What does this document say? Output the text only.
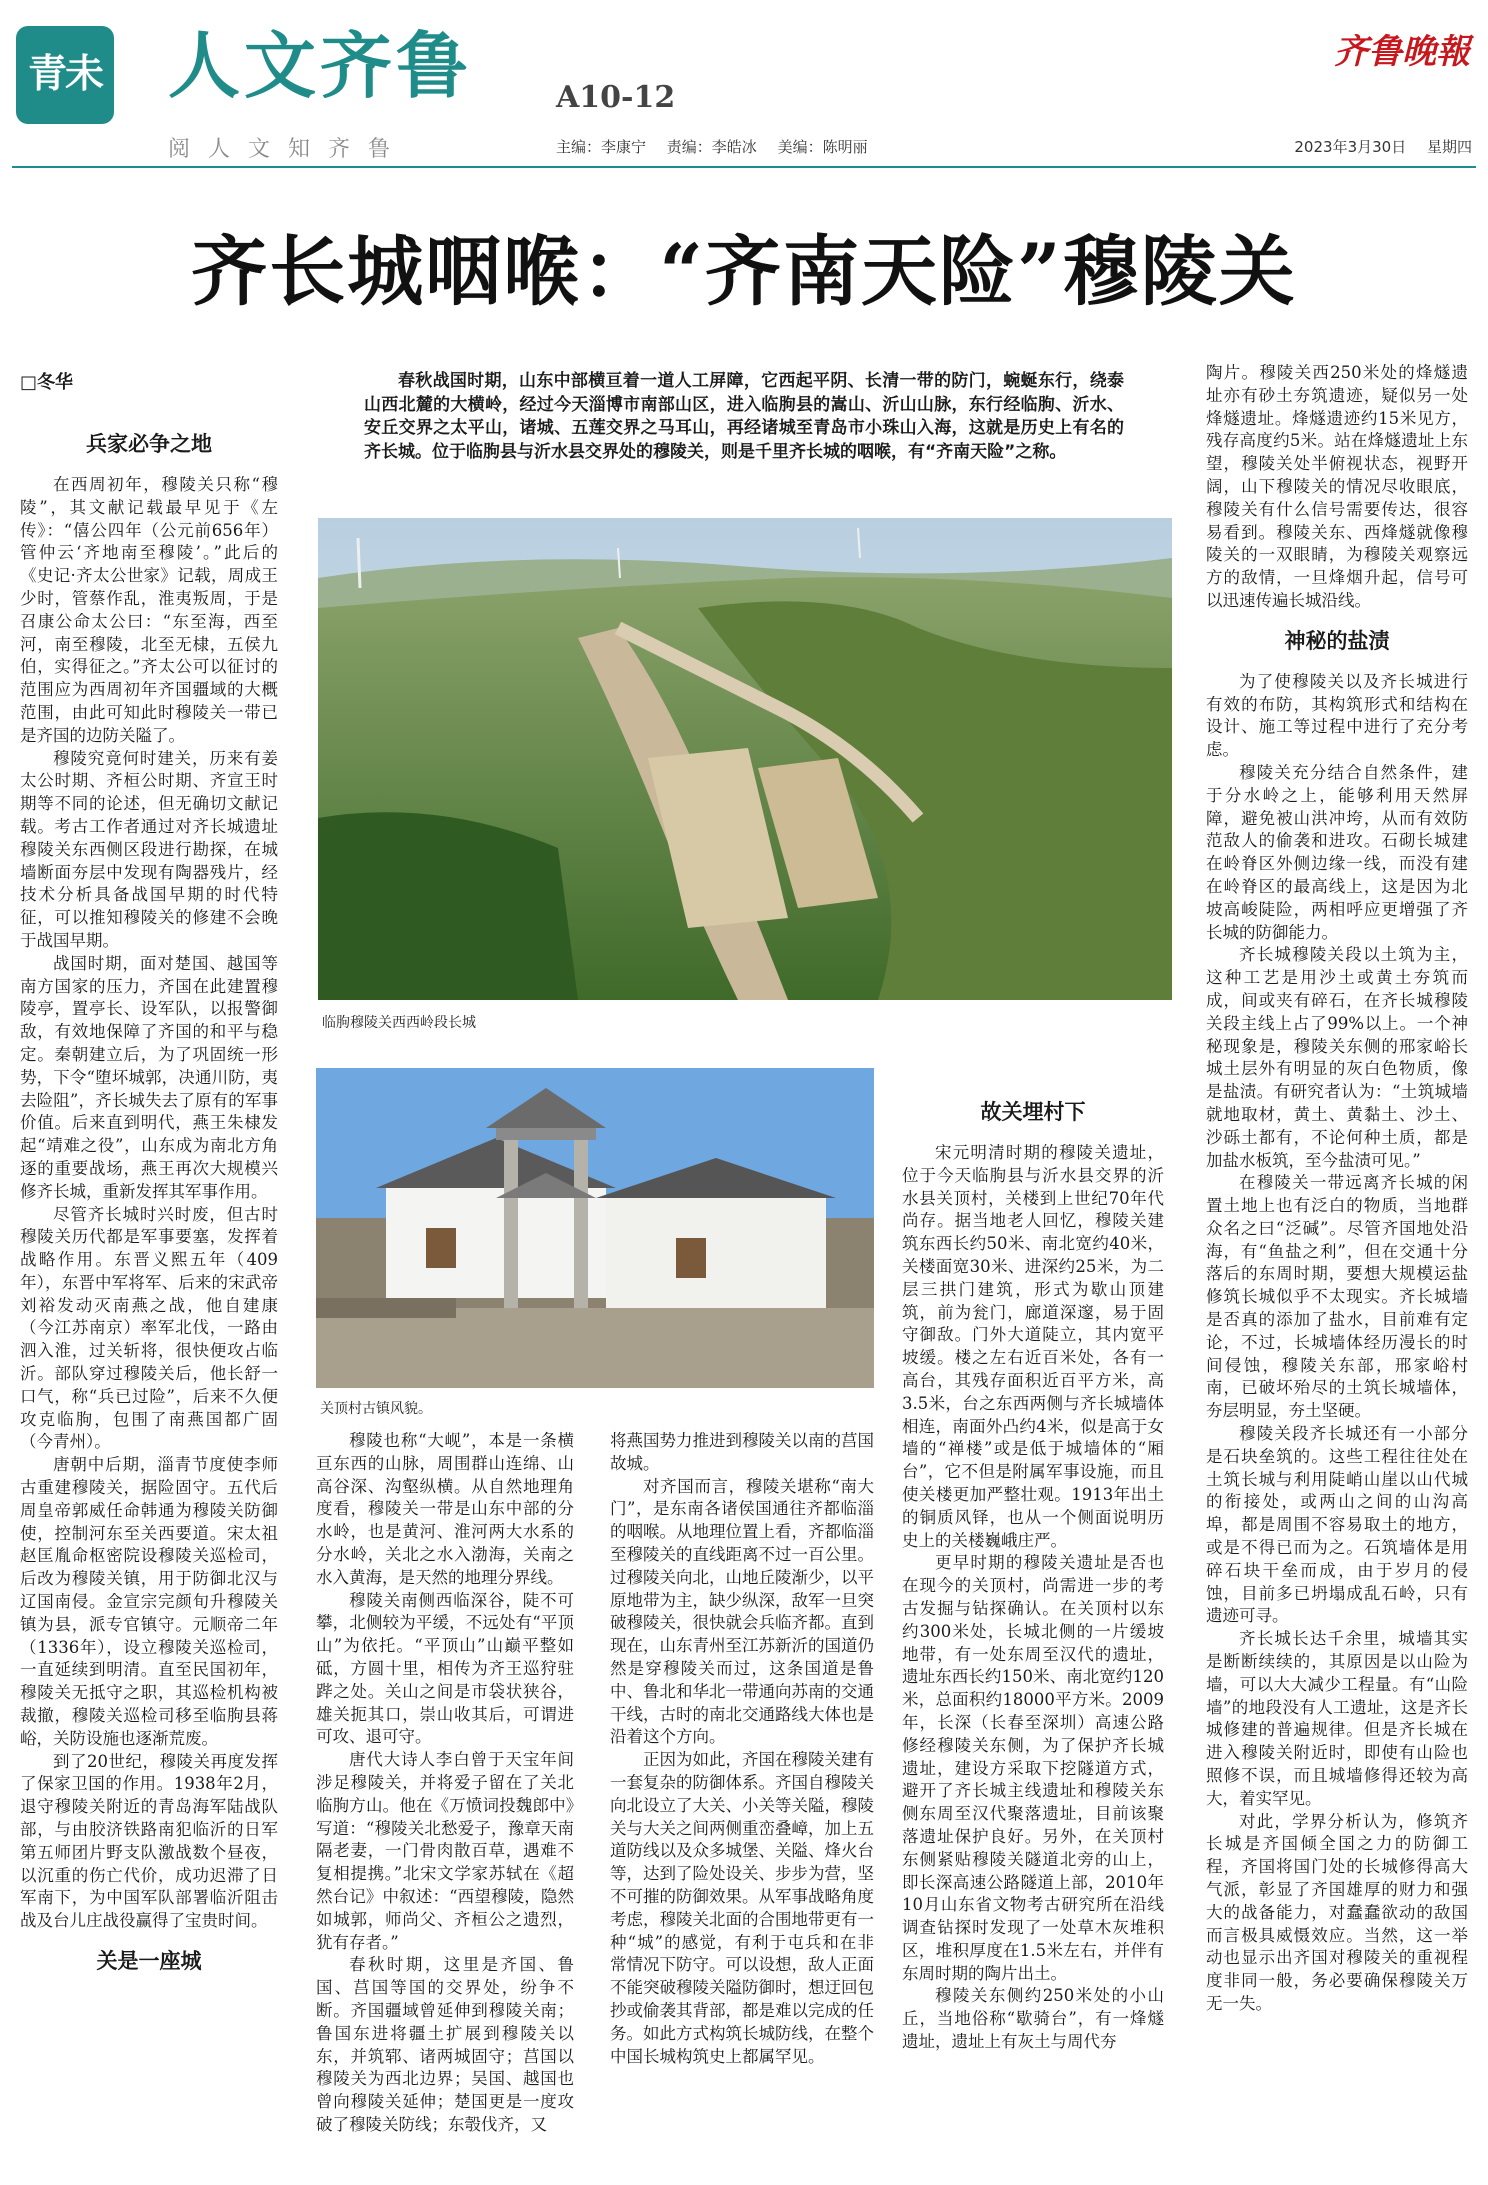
青未了
人文齐鲁	A10-12
阅人文知齐鲁	主编：李康宁 责编：李皓冰 美编：陈明丽
齐鲁晚報
2023年3月30日 星期四
齐长城咽喉：“齐南天险”穆陵关
□冬华
兵家必争之地

在西周初年，穆陵关只称“穆陵”，其文献记载最早见于《左传》：“僖公四年（公元前656年）管仲云‘齐地南至穆陵’。”此后的《史记·齐太公世家》记载，周成王少时，管蔡作乱，淮夷叛周，于是召康公命太公曰：“东至海，西至河，南至穆陵，北至无棣，五侯九伯，实得征之。”齐太公可以征讨的范围应为西周初年齐国疆域的大概范围，由此可知此时穆陵关一带已是齐国的边防关隘了。

穆陵究竟何时建关，历来有姜太公时期、齐桓公时期、齐宣王时期等不同的论述，但无确切文献记载。考古工作者通过对齐长城遗址穆陵关东西侧区段进行勘探，在城墙断面夯层中发现有陶器残片，经技术分析具备战国早期的时代特征，可以推知穆陵关的修建不会晚于战国早期。

战国时期，面对楚国、越国等南方国家的压力，齐国在此建置穆陵亭，置亭长、设军队，以报警御敌，有效地保障了齐国的和平与稳定。秦朝建立后，为了巩固统一形势，下令“堕坏城郭，决通川防，夷去险阻”，齐长城失去了原有的军事价值。后来直到明代，燕王朱棣发起“靖难之役”，山东成为南北方角逐的重要战场，燕王再次大规模兴修齐长城，重新发挥其军事作用。

尽管齐长城时兴时废，但古时穆陵关历代都是军事要塞，发挥着战略作用。东晋义熙五年（409年），东晋中军将军、后来的宋武帝刘裕发动灭南燕之战，他自建康（今江苏南京）率军北伐，一路由泗入淮，过关斩将，很快便攻占临沂。部队穿过穆陵关后，他长舒一口气，称“兵已过险”，后来不久便攻克临朐，包围了南燕国都广固（今青州）。

唐朝中后期，淄青节度使李师古重建穆陵关，据险固守。五代后周皇帝郭威任命韩通为穆陵关防御使，控制河东至关西要道。宋太祖赵匡胤命枢密院设穆陵关巡检司，后改为穆陵关镇，用于防御北汉与辽国南侵。金宣宗完颜旬升穆陵关镇为县，派专官镇守。元顺帝二年（1336年），设立穆陵关巡检司，一直延续到明清。直至民国初年，穆陵关无抵守之职，其巡检机构被裁撤，穆陵关巡检司移至临朐县蒋峪，关防设施也逐渐荒废。

到了20世纪，穆陵关再度发挥了保家卫国的作用。1938年2月，退守穆陵关附近的青岛海军陆战队部，与由胶济铁路南犯临沂的日军第五师团片野支队激战数个昼夜，以沉重的伤亡代价，成功迟滞了日军南下，为中国军队部署临沂阻击战及台儿庄战役赢得了宝贵时间。

关是一座城
春秋战国时期，山东中部横亘着一道人工屏障，它西起平阴、长清一带的防门，蜿蜒东行，绕泰山西北麓的大横岭，经过今天淄博市南部山区，进入临朐县的嵩山、沂山山脉，东行经临朐、沂水、安丘交界之太平山，诸城、五莲交界之马耳山，再经诸城至青岛市小珠山入海，这就是历史上有名的齐长城。位于临朐县与沂水县交界处的穆陵关，则是千里齐长城的咽喉，有“齐南天险”之称。
临朐穆陵关西西岭段长城
关顶村古镇风貌。

穆陵也称“大岘”，本是一条横亘东西的山脉，周围群山连绵、山高谷深、沟壑纵横。从自然地理角度看，穆陵关一带是山东中部的分水岭，也是黄河、淮河两大水系的分水岭，关北之水入渤海，关南之水入黄海，是天然的地理分界线。

穆陵关南侧西临深谷，陡不可攀，北侧较为平缓，不远处有“平顶山”为依托。“平顶山”山巅平整如砥，方圆十里，相传为齐王巡狩驻跸之处。关山之间是市袋状狭谷，雄关扼其口，崇山收其后，可谓进可攻、退可守。

唐代大诗人李白曾于天宝年间涉足穆陵关，并将爱子留在了关北临朐方山。他在《万愤词投魏郎中》写道：“穆陵关北愁爱子，豫章天南隔老妻，一门骨肉散百草，遇难不复相提携。”北宋文学家苏轼在《超然台记》中叙述：“西望穆陵，隐然如城郭，师尚父、齐桓公之遗烈，犹有存者。”

春秋时期，这里是齐国、鲁国、莒国等国的交界处，纷争不断。齐国疆域曾延伸到穆陵关南；鲁国东进将疆土扩展到穆陵关以东，并筑郓、诸两城固守；莒国以穆陵关为西北边界；吴国、越国也曾向穆陵关延伸；楚国更是一度攻破了穆陵关防线；东彀伐齐，又

将燕国势力推进到穆陵关以南的莒国故城。

对齐国而言，穆陵关堪称“南大门”，是东南各诸侯国通往齐都临淄的咽喉。从地理位置上看，齐都临淄至穆陵关的直线距离不过一百公里。过穆陵关向北，山地丘陵渐少，以平原地带为主，缺少纵深，敌军一旦突破穆陵关，很快就会兵临齐都。直到现在，山东青州至江苏新沂的国道仍然是穿穆陵关而过，这条国道是鲁中、鲁北和华北一带通向苏南的交通干线，古时的南北交通路线大体也是沿着这个方向。

正因为如此，齐国在穆陵关建有一套复杂的防御体系。齐国自穆陵关向北设立了大关、小关等关隘，穆陵关与大关之间两侧重峦叠嶂，加上五道防线以及众多城堡、关隘、烽火台等，达到了险处设关、步步为营，坚不可摧的防御效果。从军事战略角度考虑，穆陵关北面的合围地带更有一种“城”的感觉，有利于屯兵和在非常情况下防守。可以设想，敌人正面不能突破穆陵关隘防御时，想迂回包抄或偷袭其背部，都是难以完成的任务。如此方式构筑长城防线，在整个中国长城构筑史上都属罕见。

故关埋村下

宋元明清时期的穆陵关遗址，位于今天临朐县与沂水县交界的沂水县关顶村，关楼到上世纪70年代尚存。据当地老人回忆，穆陵关建筑东西长约50米、南北宽约40米，关楼面宽30米、进深约25米，为二层三拱门建筑，形式为歇山顶建筑，前为瓮门，廊道深邃，易于固守御敌。门外大道陡立，其内宽平坡缓。楼之左右近百米处，各有一高台，其残存面积近百平方米，高3.5米，台之东西两侧与齐长城墙体相连，南面外凸约4米，似是高于女墙的“禅楼”或是低于城墙体的“厢台”，它不但是附属军事设施，而且使关楼更加严整壮观。1913年出土的铜质风铎，也从一个侧面说明历史上的关楼巍峨庄严。

更早时期的穆陵关遗址是否也在现今的关顶村，尚需进一步的考古发掘与钻探确认。在关顶村以东约300米处，长城北侧的一片缓坡地带，有一处东周至汉代的遗址，遗址东西长约150米、南北宽约120米，总面积约18000平方米。2009年，长深（长春至深圳）高速公路修经穆陵关东侧，为了保护齐长城遗址，建设方采取下挖隧道方式，避开了齐长城主线遗址和穆陵关东侧东周至汉代聚落遗址，目前该聚落遗址保护良好。另外，在关顶村东侧紧贴穆陵关隧道北旁的山上，即长深高速公路隧道上部，2010年10月山东省文物考古研究所在沿线调查钻探时发现了一处草木灰堆积区，堆积厚度在1.5米左右，并伴有东周时期的陶片出土。

穆陵关东侧约250米处的小山丘，当地俗称“歇骑台”，有一烽燧遗址，遗址上有灰土与周代夯

陶片。穆陵关西250米处的烽燧遗址亦有砂土夯筑遗迹，疑似另一处烽燧遗址。烽燧遗迹约15米见方，残存高度约5米。站在烽燧遗址上东望，穆陵关处半俯视状态，视野开阔，山下穆陵关的情况尽收眼底，穆陵关有什么信号需要传达，很容易看到。穆陵关东、西烽燧就像穆陵关的一双眼睛，为穆陵关观察远方的敌情，一旦烽烟升起，信号可以迅速传遍长城沿线。

神秘的盐渍

为了使穆陵关以及齐长城进行有效的布防，其构筑形式和结构在设计、施工等过程中进行了充分考虑。

穆陵关充分结合自然条件，建于分水岭之上，能够利用天然屏障，避免被山洪冲垮，从而有效防范敌人的偷袭和进攻。石砌长城建在岭脊区外侧边缘一线，而没有建在岭脊区的最高线上，这是因为北坡高峻陡险，两相呼应更增强了齐长城的防御能力。

齐长城穆陵关段以土筑为主，这种工艺是用沙土或黄土夯筑而成，间或夹有碎石，在齐长城穆陵关段主线上占了99%以上。一个神秘现象是，穆陵关东侧的邢家峪长城土层外有明显的灰白色物质，像是盐渍。有研究者认为：“土筑城墙就地取材，黄土、黄黏土、沙土、沙砾土都有，不论何种土质，都是加盐水板筑，至今盐渍可见。”

在穆陵关一带远离齐长城的闲置土地上也有泛白的物质，当地群众名之曰“泛碱”。尽管齐国地处沿海，有“鱼盐之利”，但在交通十分落后的东周时期，要想大规模运盐修筑长城似乎不太现实。齐长城墙是否真的添加了盐水，目前难有定论，不过，长城墙体经历漫长的时间侵蚀，穆陵关东部，邢家峪村南，已破坏殆尽的土筑长城墙体，夯层明显，夯土坚硬。

穆陵关段齐长城还有一小部分是石块垒筑的。这些工程往往处在土筑长城与利用陡峭山崖以山代城的衔接处，或两山之间的山沟高埠，都是周围不容易取土的地方，或是不得已而为之。石筑墙体是用碎石块干垒而成，由于岁月的侵蚀，目前多已坍塌成乱石岭，只有遗迹可寻。

齐长城长达千余里，城墙其实是断断续续的，其原因是以山险为墙，可以大大减少工程量。有“山险墙”的地段没有人工遗址，这是齐长城修建的普遍规律。但是齐长城在进入穆陵关附近时，即使有山险也照修不误，而且城墙修得还较为高大，着实罕见。

对此，学界分析认为，修筑齐长城是齐国倾全国之力的防御工程，齐国将国门处的长城修得高大气派，彰显了齐国雄厚的财力和强大的战备能力，对蠢蠢欲动的敌国而言极具威慑效应。当然，这一举动也显示出齐国对穆陵关的重视程度非同一般，务必要确保穆陵关万无一失。
